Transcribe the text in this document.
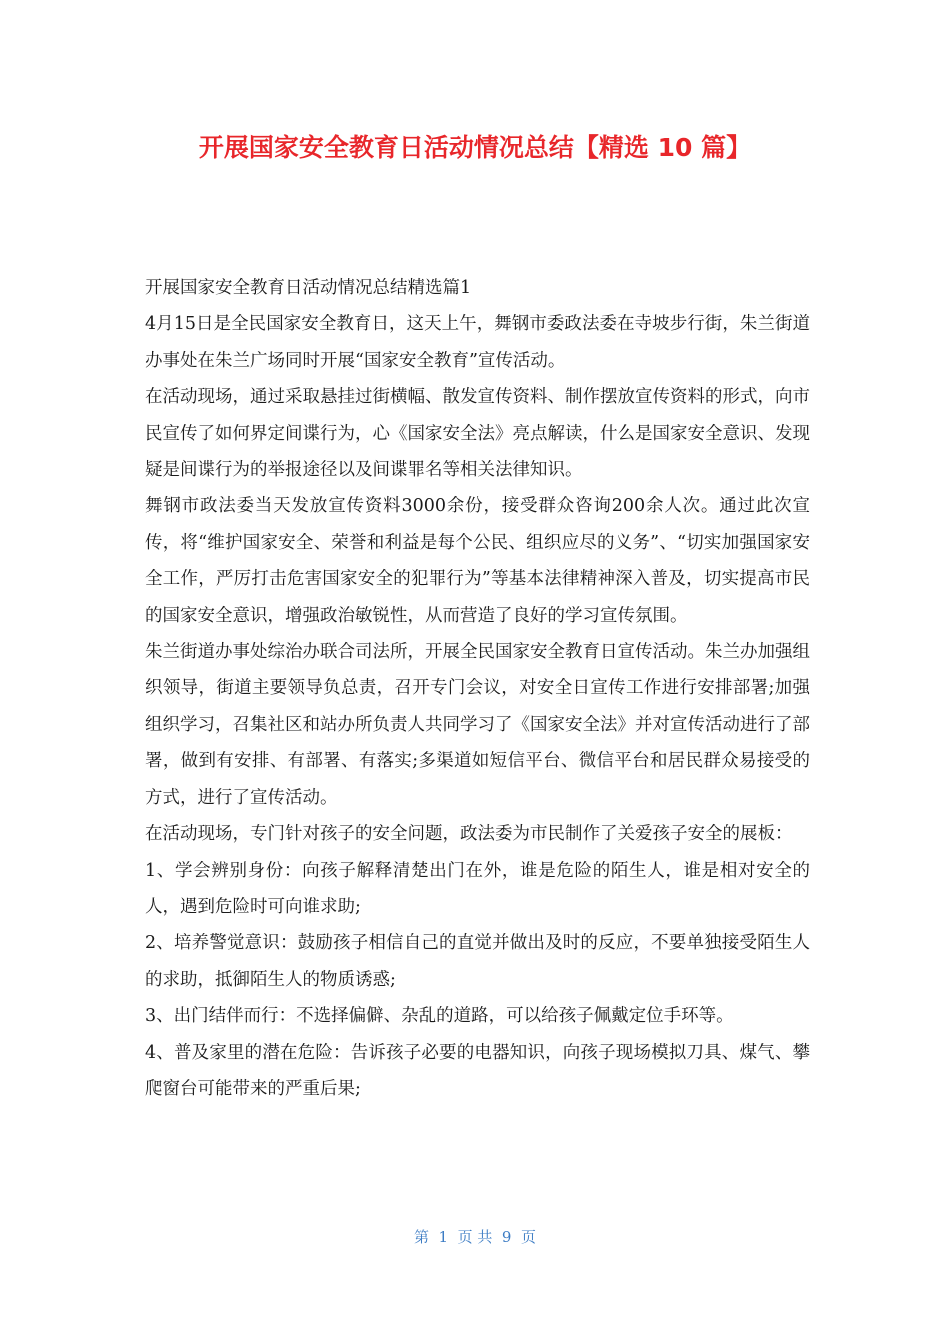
开展国家安全教育日活动情况总结【精选 10 篇】

开展国家安全教育日活动情况总结精选篇1

4月15日是全民国家安全教育日，这天上午，舞钢市委政法委在寺坡步行街，朱兰街道办事处在朱兰广场同时开展“国家安全教育”宣传活动。

在活动现场，通过采取悬挂过街横幅、散发宣传资料、制作摆放宣传资料的形式，向市民宣传了如何界定间谍行为，心《国家安全法》亮点解读，什么是国家安全意识、发现疑是间谍行为的举报途径以及间谍罪名等相关法律知识。

舞钢市政法委当天发放宣传资料3000余份，接受群众咨询200余人次。通过此次宣传，将“维护国家安全、荣誉和利益是每个公民、组织应尽的义务”、“切实加强国家安全工作，严厉打击危害国家安全的犯罪行为”等基本法律精神深入普及，切实提高市民的国家安全意识，增强政治敏锐性，从而营造了良好的学习宣传氛围。

朱兰街道办事处综治办联合司法所，开展全民国家安全教育日宣传活动。朱兰办加强组织领导，街道主要领导负总责，召开专门会议，对安全日宣传工作进行安排部署;加强组织学习，召集社区和站办所负责人共同学习了《国家安全法》并对宣传活动进行了部署，做到有安排、有部署、有落实;多渠道如短信平台、微信平台和居民群众易接受的方式，进行了宣传活动。

在活动现场，专门针对孩子的安全问题，政法委为市民制作了关爱孩子安全的展板：

1、学会辨别身份：向孩子解释清楚出门在外，谁是危险的陌生人，谁是相对安全的人，遇到危险时可向谁求助;

2、培养警觉意识：鼓励孩子相信自己的直觉并做出及时的反应，不要单独接受陌生人的求助，抵御陌生人的物质诱惑;

3、出门结伴而行：不选择偏僻、杂乱的道路，可以给孩子佩戴定位手环等。

4、普及家里的潜在危险：告诉孩子必要的电器知识，向孩子现场模拟刀具、煤气、攀爬窗台可能带来的严重后果;

第  1  页 共  9  页
